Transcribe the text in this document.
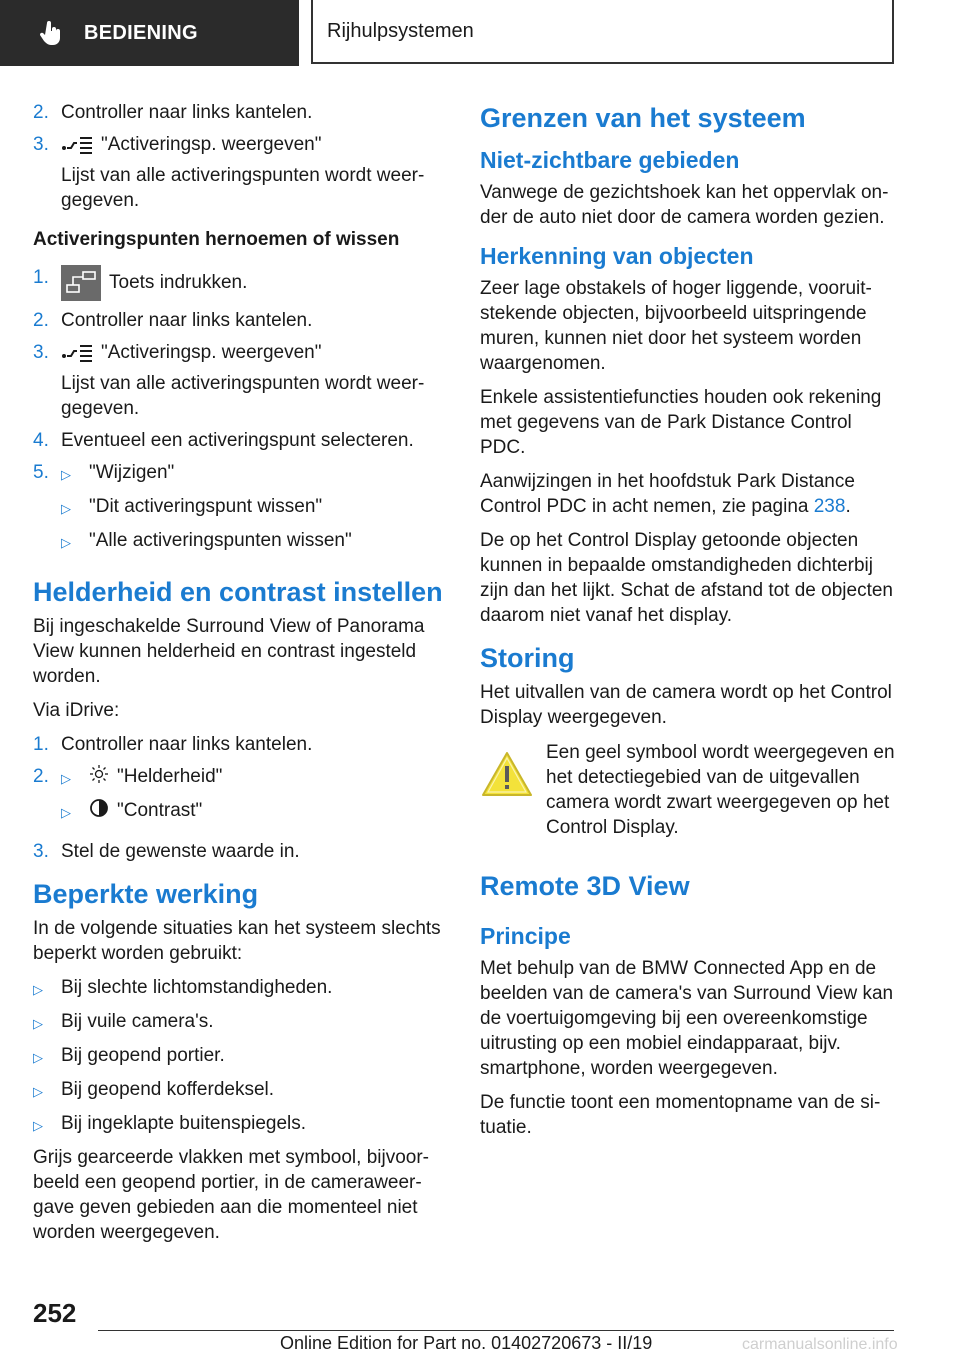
BEDIENING	Rijhulpsystemen
2. Controller naar links kantelen.
3.	"Activeringsp. weergeven"
Lijst van alle activeringspunten wordt weer-gegeven.
Activeringspunten hernoemen of wissen
1.	Toets indrukken.
2. Controller naar links kantelen.
3.	"Activeringsp. weergeven"
Lijst van alle activeringspunten wordt weer-gegeven.
4. Eventueel een activeringspunt selecteren.
5. ▷ "Wijzigen"
▷ "Dit activeringspunt wissen"
▷ "Alle activeringspunten wissen"
Helderheid en contrast instellen

Bij ingeschakelde Surround View of Panorama View kunnen helderheid en contrast ingesteld worden.

Via iDrive:

1. Controller naar links kantelen.
2. ▷	"Helderheid"
▷	"Contrast"
3. Stel de gewenste waarde in.
Beperkte werking

In de volgende situaties kan het systeem slechts beperkt worden gebruikt:

▷ Bij slechte lichtomstandigheden.
▷ Bij vuile camera's.
▷ Bij geopend portier.
▷ Bij geopend kofferdeksel.
▷ Bij ingeklapte buitenspiegels.

Grijs gearceerde vlakken met symbool, bijvoor-beeld een geopend portier, in de cameraweer-gave geven gebieden aan die momenteel niet worden weergegeven.

Grenzen van het systeem
Niet-zichtbare gebieden

Vanwege de gezichtshoek kan het oppervlak on-der de auto niet door de camera worden gezien.

Herkenning van objecten

Zeer lage obstakels of hoger liggende, vooruit-stekende objecten, bijvoorbeeld uitspringende muren, kunnen niet door het systeem worden waargenomen.

Enkele assistentiefuncties houden ook rekening met gegevens van de Park Distance Control PDC.

Aanwijzingen in het hoofdstuk Park Distance Control PDC in acht nemen, zie pagina 238.

De op het Control Display getoonde objecten kunnen in bepaalde omstandigheden dichterbij zijn dan het lijkt. Schat de afstand tot de objecten daarom niet vanaf het display.

Storing

Het uitvallen van de camera wordt op het Control Display weergegeven.

Een geel symbool wordt weergegeven en het detectiegebied van de uitgevallen camera wordt zwart weergegeven op het Control Display.
Remote 3D View
Principe

Met behulp van de BMW Connected App en de beelden van de camera's van Surround View kan de voertuigomgeving bij een overeenkomstige uitrusting op een mobiel eindapparaat, bijv. smartphone, worden weergegeven.

De functie toont een momentopname van de si-tuatie.

252
Online Edition for Part no. 01402720673 - II/19	carmanualsonline.info
